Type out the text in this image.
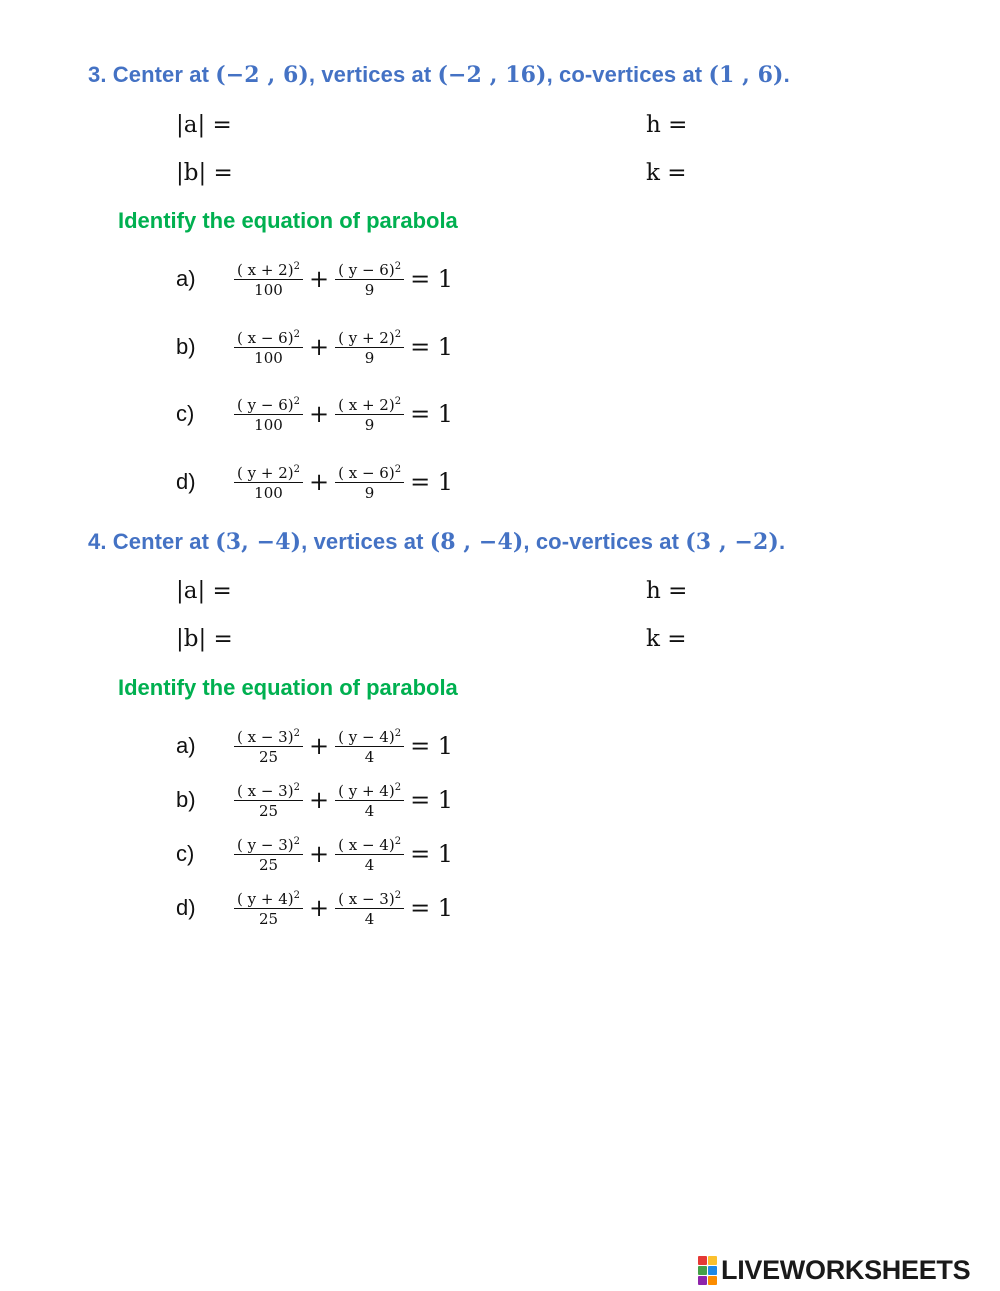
3. Center at (−2 , 6), vertices at (−2 , 16), co-vertices at (1 , 6).
|a| =	h =
|b| =	k =
Identify the equation of parabola
a)	$\frac{( x + 2)^2}{100} + \frac{( y - 6)^2}{9} = 1$
b)	$\frac{( x - 6)^2}{100} + \frac{( y + 2)^2}{9} = 1$
c)	$\frac{( y - 6)^2}{100} + \frac{( x + 2)^2}{9} = 1$
d)	$\frac{( y + 2)^2}{100} + \frac{( x - 6)^2}{9} = 1$
4. Center at (3, −4), vertices at (8 , −4), co-vertices at (3 , −2).
|a| =	h =
|b| =	k =
Identify the equation of parabola
a)	$\frac{( x - 3)^2}{25} + \frac{( y - 4)^2}{4} = 1$
b)	$\frac{( x - 3)^2}{25} + \frac{( y + 4)^2}{4} = 1$
c)	$\frac{( y - 3)^2}{25} + \frac{( x - 4)^2}{4} = 1$
d)	$\frac{( y + 4)^2}{25} + \frac{( x - 3)^2}{4} = 1$
LIVEWORKSHEETS
